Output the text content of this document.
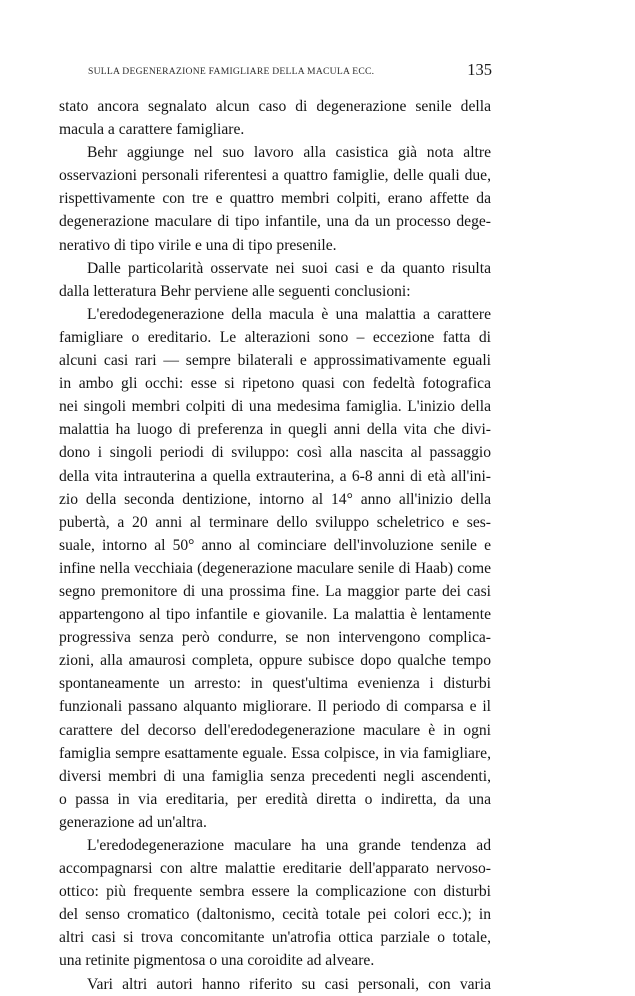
SULLA DEGENERAZIONE FAMIGLIARE DELLA MACULA ECC.	135
stato ancora segnalato alcun caso di degenerazione senile della
macula a carattere famigliare.
Behr aggiunge nel suo lavoro alla casistica già nota altre
osservazioni personali riferentesi a quattro famiglie, delle quali due,
rispettivamente con tre e quattro membri colpiti, erano affette da
degenerazione maculare di tipo infantile, una da un processo dege-
nerativo di tipo virile e una di tipo presenile.
Dalle particolarità osservate nei suoi casi e da quanto risulta
dalla letteratura Behr perviene alle seguenti conclusioni:
L'eredodegenerazione della macula è una malattia a carattere
famigliare o ereditario. Le alterazioni sono – eccezione fatta di
alcuni casi rari — sempre bilaterali e approssimativamente eguali
in ambo gli occhi: esse si ripetono quasi con fedeltà fotografica
nei singoli membri colpiti di una medesima famiglia. L'inizio della
malattia ha luogo di preferenza in quegli anni della vita che divi-
dono i singoli periodi di sviluppo: così alla nascita al passaggio
della vita intrauterina a quella extrauterina, a 6-8 anni di età all'ini-
zio della seconda dentizione, intorno al 14° anno all'inizio della
pubertà, a 20 anni al terminare dello sviluppo scheletrico e ses-
suale, intorno al 50° anno al cominciare dell'involuzione senile e
infine nella vecchiaia (degenerazione maculare senile di Haab) come
segno premonitore di una prossima fine. La maggior parte dei casi
appartengono al tipo infantile e giovanile. La malattia è lentamente
progressiva senza però condurre, se non intervengono complica-
zioni, alla amaurosi completa, oppure subisce dopo qualche tempo
spontaneamente un arresto: in quest'ultima evenienza i disturbi
funzionali passano alquanto migliorare. Il periodo di comparsa e il
carattere del decorso dell'eredodegenerazione maculare è in ogni
famiglia sempre esattamente eguale. Essa colpisce, in via famigliare,
diversi membri di una famiglia senza precedenti negli ascendenti,
o passa in via ereditaria, per eredità diretta o indiretta, da una
generazione ad un'altra.
L'eredodegenerazione maculare ha una grande tendenza ad
accompagnarsi con altre malattie ereditarie dell'apparato nervoso-
ottico: più frequente sembra essere la complicazione con disturbi
del senso cromatico (daltonismo, cecità totale pei colori ecc.); in
altri casi si trova concomitante un'atrofia ottica parziale o totale,
una retinite pigmentosa o una coroidite ad alveare.
Vari altri autori hanno riferito su casi personali, con varia
